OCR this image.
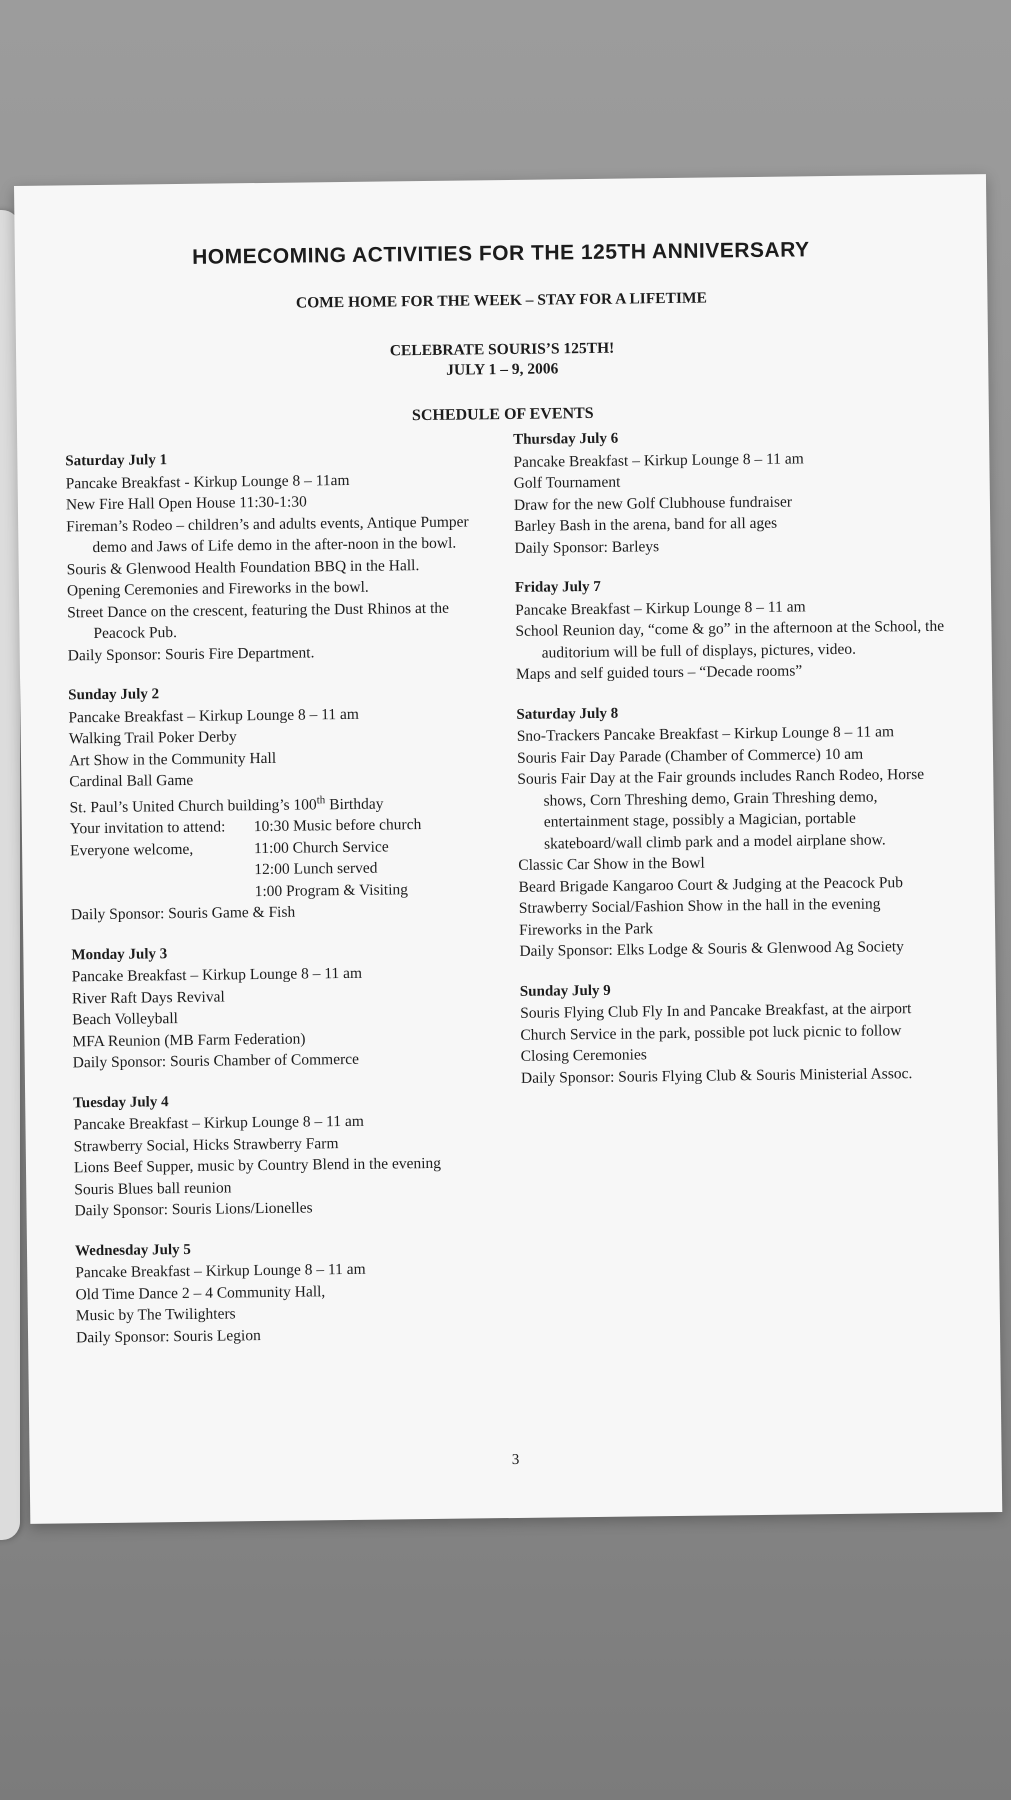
HOMECOMING ACTIVITIES FOR THE 125TH ANNIVERSARY
COME HOME FOR THE WEEK – STAY FOR A LIFETIME
CELEBRATE SOURIS’S 125TH!
JULY 1 – 9, 2006
SCHEDULE OF EVENTS
Saturday July 1
Pancake Breakfast - Kirkup Lounge 8 – 11am
New Fire Hall Open House 11:30-1:30
Fireman’s Rodeo – children’s and adults events, Antique Pumper demo and Jaws of Life demo in the after-noon in the bowl.
Souris & Glenwood Health Foundation BBQ in the Hall.
Opening Ceremonies and Fireworks in the bowl.
Street Dance on the crescent, featuring the Dust Rhinos at the Peacock Pub.
Daily Sponsor: Souris Fire Department.
Sunday July 2
Pancake Breakfast – Kirkup Lounge 8 – 11 am
Walking Trail Poker Derby
Art Show in the Community Hall
Cardinal Ball Game
St. Paul’s United Church building’s 100th Birthday
Your invitation to attend:	10:30 Music before church
Everyone welcome,	11:00 Church Service
12:00 Lunch served
1:00 Program & Visiting
Daily Sponsor: Souris Game & Fish
Monday July 3
Pancake Breakfast – Kirkup Lounge 8 – 11 am
River Raft Days Revival
Beach Volleyball
MFA Reunion (MB Farm Federation)
Daily Sponsor: Souris Chamber of Commerce
Tuesday July 4
Pancake Breakfast – Kirkup Lounge 8 – 11 am
Strawberry Social, Hicks Strawberry Farm
Lions Beef Supper, music by Country Blend in the evening
Souris Blues ball reunion
Daily Sponsor: Souris Lions/Lionelles
Wednesday July 5
Pancake Breakfast – Kirkup Lounge 8 – 11 am
Old Time Dance 2 – 4 Community Hall,
Music by The Twilighters
Daily Sponsor: Souris Legion
Thursday July 6
Pancake Breakfast – Kirkup Lounge 8 – 11 am
Golf Tournament
Draw for the new Golf Clubhouse fundraiser
Barley Bash in the arena, band for all ages
Daily Sponsor: Barleys
Friday July 7
Pancake Breakfast – Kirkup Lounge 8 – 11 am
School Reunion day, “come & go” in the afternoon at the School, the auditorium will be full of displays, pictures, video.
Maps and self guided tours – “Decade rooms”
Saturday July 8
Sno-Trackers Pancake Breakfast – Kirkup Lounge 8 – 11 am
Souris Fair Day Parade (Chamber of Commerce) 10 am
Souris Fair Day at the Fair grounds includes Ranch Rodeo, Horse shows, Corn Threshing demo, Grain Threshing demo, entertainment stage, possibly a Magician, portable skateboard/wall climb park and a model airplane show.
Classic Car Show in the Bowl
Beard Brigade Kangaroo Court & Judging at the Peacock Pub
Strawberry Social/Fashion Show in the hall in the evening
Fireworks in the Park
Daily Sponsor: Elks Lodge & Souris & Glenwood Ag Society
Sunday July 9
Souris Flying Club Fly In and Pancake Breakfast, at the airport
Church Service in the park, possible pot luck picnic to follow
Closing Ceremonies
Daily Sponsor: Souris Flying Club & Souris Ministerial Assoc.
3
